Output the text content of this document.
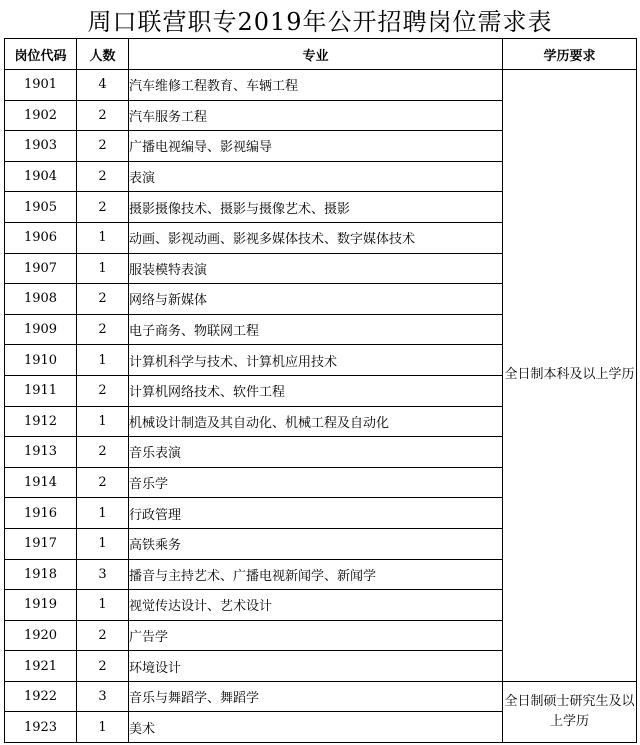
周口联营职专2019年公开招聘岗位需求表
岗位代码	人数	专业	学历要求
1901	4	汽车维修工程教育、车辆工程	全日制本科及以上学历
1902	2	汽车服务工程	
1903	2	广播电视编导、影视编导	
1904	2	表演	
1905	2	摄影摄像技术、摄影与摄像艺术、摄影	
1906	1	动画、影视动画、影视多媒体技术、数字媒体技术	
1907	1	服装模特表演	
1908	2	网络与新媒体	
1909	2	电子商务、物联网工程	
1910	1	计算机科学与技术、计算机应用技术	
1911	2	计算机网络技术、软件工程	
1912	1	机械设计制造及其自动化、机械工程及自动化	
1913	2	音乐表演	
1914	2	音乐学	
1916	1	行政管理	
1917	1	高铁乘务	
1918	3	播音与主持艺术、广播电视新闻学、新闻学	
1919	1	视觉传达设计、艺术设计	
1920	2	广告学	
1921	2	环境设计	
1922	3	音乐与舞蹈学、舞蹈学	全日制硕士研究生及以上学历
1923	1	美术	
